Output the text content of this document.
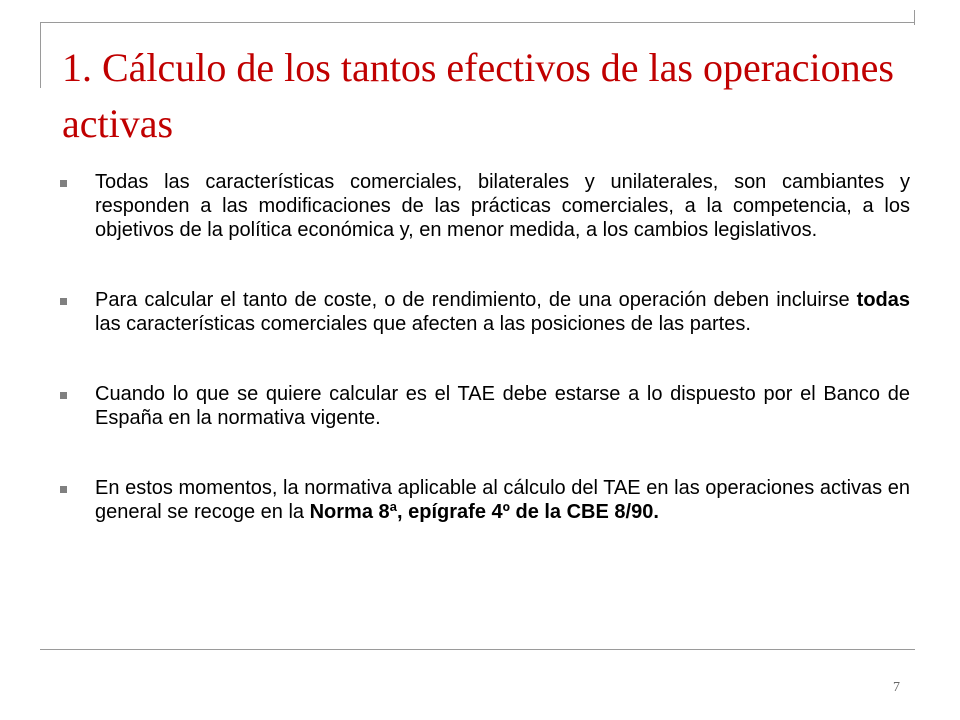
1. Cálculo de los tantos efectivos de las operaciones activas
Todas las características comerciales, bilaterales y unilaterales, son cambiantes y responden a las modificaciones de las prácticas comerciales, a la competencia, a los objetivos de la política económica y, en menor medida, a los cambios legislativos.
Para calcular el tanto de coste, o de rendimiento, de una operación deben incluirse todas las características comerciales que afecten a las posiciones de las partes.
Cuando lo que se quiere calcular es el TAE debe estarse a lo dispuesto por el Banco de España en la normativa vigente.
En estos momentos, la normativa aplicable al cálculo del TAE en las operaciones activas en general se recoge en la Norma 8ª, epígrafe 4º de la CBE 8/90.
7
